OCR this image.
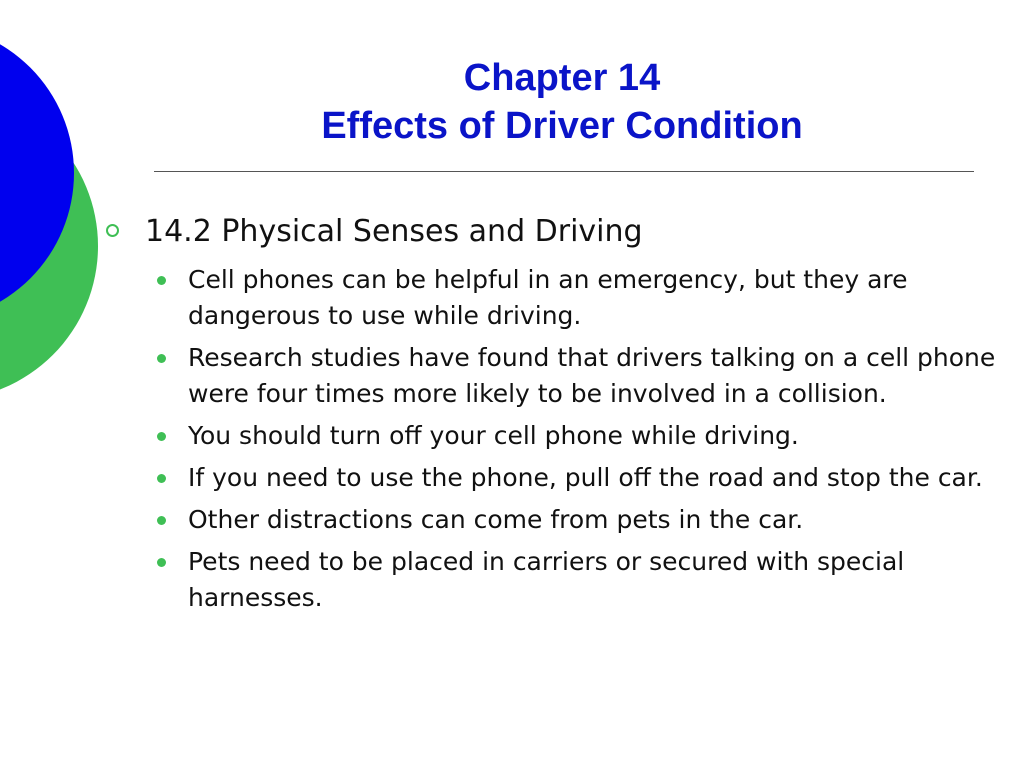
Chapter 14
Effects of Driver Condition
14.2 Physical Senses and Driving
Cell phones can be helpful in an emergency, but they are dangerous to use while driving.
Research studies have found that drivers talking on a cell phone were four times more likely to be involved in a collision.
You should turn off your cell phone while driving.
If you need to use the phone, pull off the road and stop the car.
Other distractions can come from pets in the car.
Pets need to be placed in carriers or secured with special harnesses.
